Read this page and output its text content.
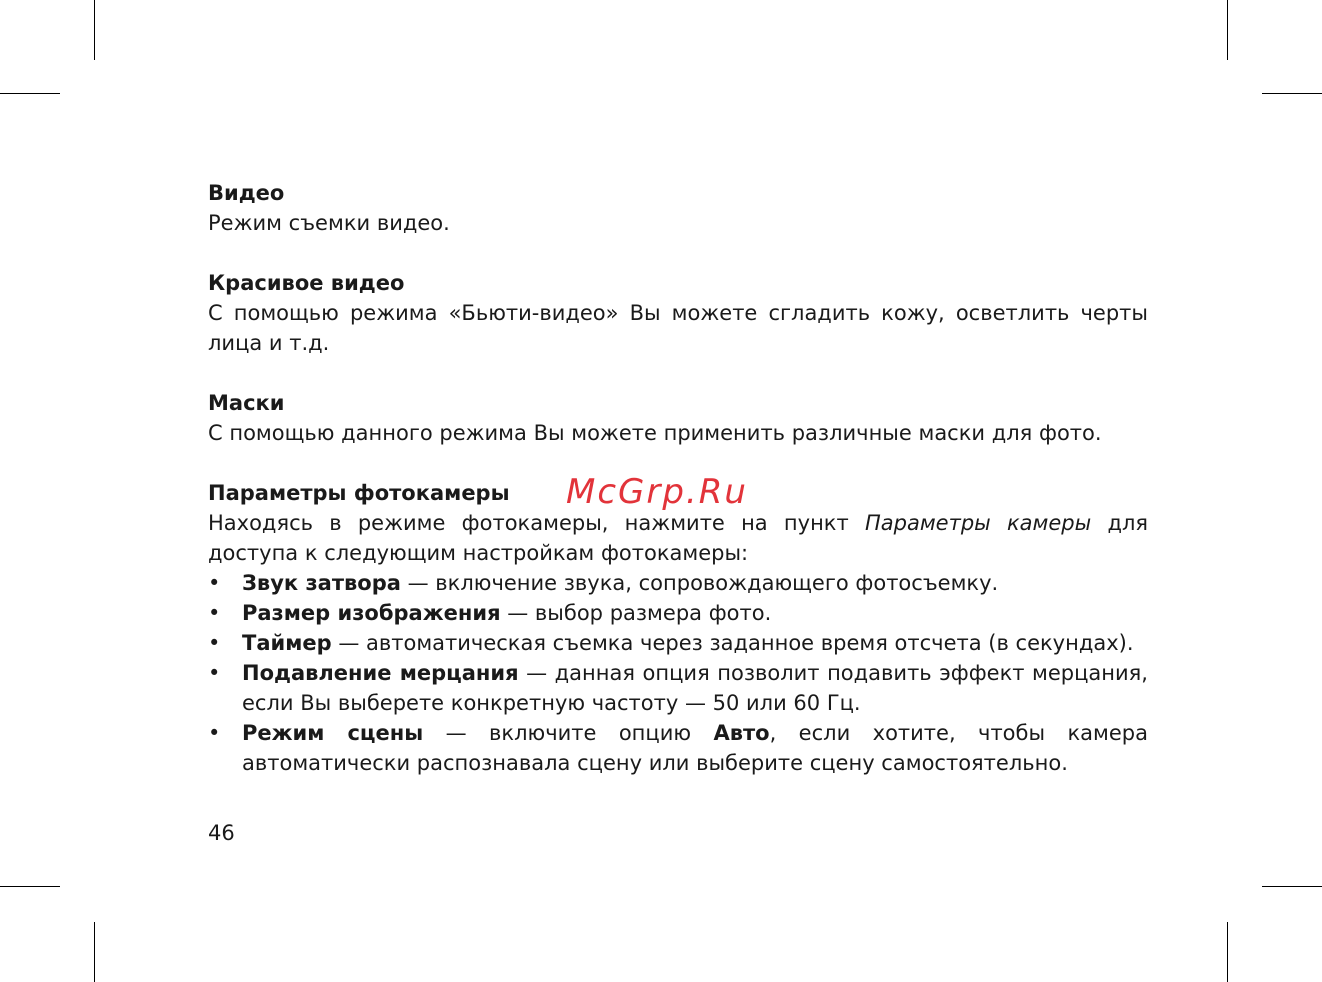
Видео

Режим съемки видео.

Красивое видео

С помощью режима «Бьюти-видео» Вы можете сгладить кожу, осветлить черты лица и т.д.

Маски

С помощью данного режима Вы можете применить различные маски для фото.

Параметры фотокамеры

Находясь в режиме фотокамеры, нажмите на пункт Параметры камеры для доступа к следующим настройкам фотокамеры:

• Звук затвора — включение звука, сопровождающего фотосъемку.
• Размер изображения — выбор размера фото.
• Таймер — автоматическая съемка через заданное время отсчета (в секундах).
• Подавление мерцания — данная опция позволит подавить эффект мерцания, если Вы выберете конкретную частоту — 50 или 60 Гц.
• Режим сцены — включите опцию Авто, если хотите, чтобы камера автоматически распознавала сцену или выберите сцену самостоятельно.
46
McGrp.Ru
